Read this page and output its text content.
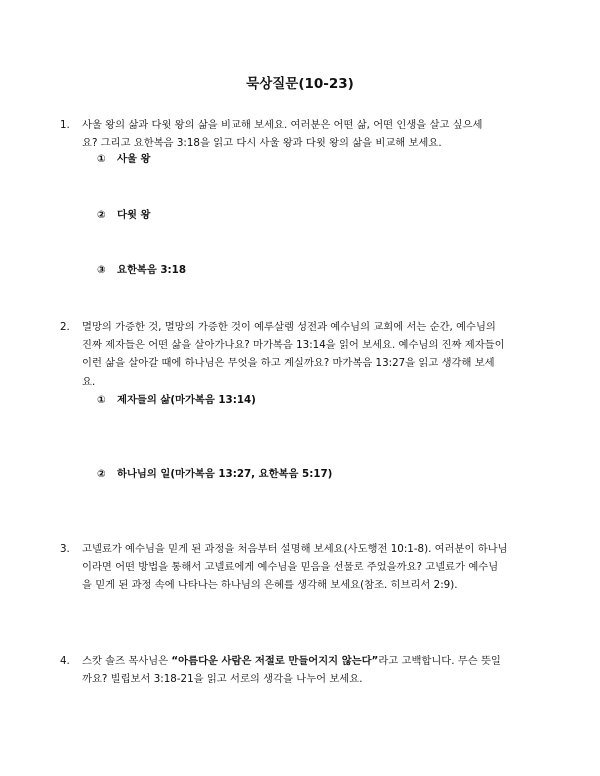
묵상질문(10-23)
1. 사울 왕의 삶과 다윗 왕의 삶을 비교해 보세요. 여러분은 어떤 삶, 어떤 인생을 살고 싶으세
요? 그리고 요한복음 3:18을 읽고 다시 사울 왕과 다윗 왕의 삶을 비교해 보세요.
① 사울 왕
② 다윗 왕
③ 요한복음 3:18
2. 멸망의 가증한 것, 멸망의 가증한 것이 예루살렘 성전과 예수님의 교회에 서는 순간, 예수님의
진짜 제자들은 어떤 삶을 살아가나요? 마가복음 13:14을 읽어 보세요. 예수님의 진짜 제자들이
이런 삶을 살아갈 때에 하나님은 무엇을 하고 계실까요? 마가복음 13:27을 읽고 생각해 보세
요.
① 제자들의 삶(마가복음 13:14)
② 하나님의 일(마가복음 13:27, 요한복음 5:17)
3. 고넬료가 예수님을 믿게 된 과정을 처음부터 설명해 보세요(사도행전 10:1-8). 여러분이 하나님
이라면 어떤 방법을 통해서 고넬료에게 예수님을 믿음을 선물로 주었을까요? 고넬료가 예수님
을 믿게 된 과정 속에 나타나는 하나님의 은혜를 생각해 보세요(참조. 히브리서 2:9).
4. 스캇 솔즈 목사님은 “아름다운 사람은 저절로 만들어지지 않는다”라고 고백합니다. 무슨 뜻일
까요? 빌립보서 3:18-21을 읽고 서로의 생각을 나누어 보세요.
